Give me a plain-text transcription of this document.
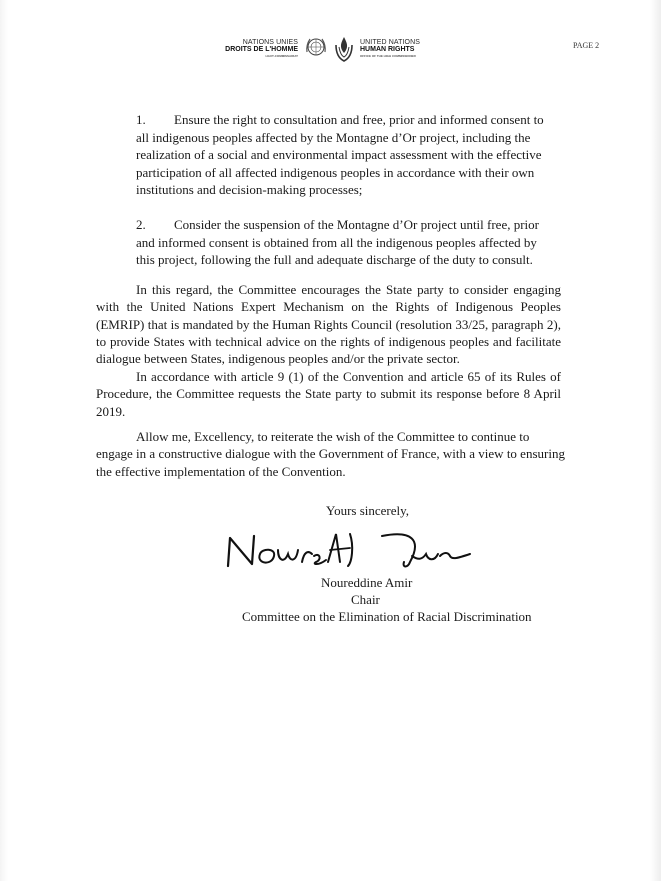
NATIONS UNIES
DROITS DE L'HOMME
HAUT-COMMISSARIAT
UNITED NATIONS
HUMAN RIGHTS
OFFICE OF THE HIGH COMMISSIONER
PAGE 2
1. Ensure the right to consultation and free, prior and informed consent to
all indigenous peoples affected by the Montagne d’Or project, including the
realization of a social and environmental impact assessment with the effective
participation of all affected indigenous peoples in accordance with their own
institutions and decision-making processes;
2. Consider the suspension of the Montagne d’Or project until free, prior
and informed consent is obtained from all the indigenous peoples affected by
this project, following the full and adequate discharge of the duty to consult.
In this regard, the Committee encourages the State party to consider engaging with the United Nations Expert Mechanism on the Rights of Indigenous Peoples (EMRIP) that is mandated by the Human Rights Council (resolution 33/25, paragraph 2), to provide States with technical advice on the rights of indigenous peoples and facilitate dialogue between States, indigenous peoples and/or the private sector.
In accordance with article 9 (1) of the Convention and article 65 of its Rules of Procedure, the Committee requests the State party to submit its response before 8 April 2019.
Allow me, Excellency, to reiterate the wish of the Committee to continue to engage in a constructive dialogue with the Government of France, with a view to ensuring the effective implementation of the Convention.
Yours sincerely,
Noureddine Amir
Chair
Committee on the Elimination of Racial Discrimination
